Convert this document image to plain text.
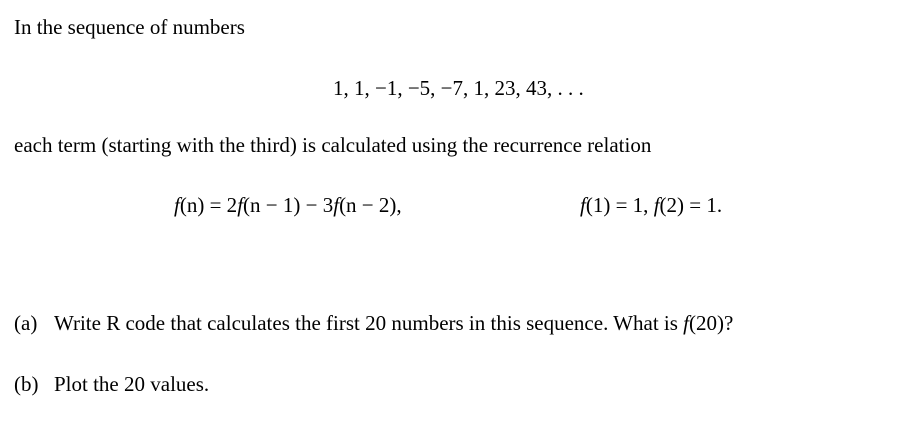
In the sequence of numbers
1, 1, −1, −5, −7, 1, 23, 43, . . .
each term (starting with the third) is calculated using the recurrence relation
f(n) = 2f(n − 1) − 3f(n − 2),	f(1) = 1, f(2) = 1.
(a) Write R code that calculates the first 20 numbers in this sequence. What is f(20)?
(b) Plot the 20 values.
